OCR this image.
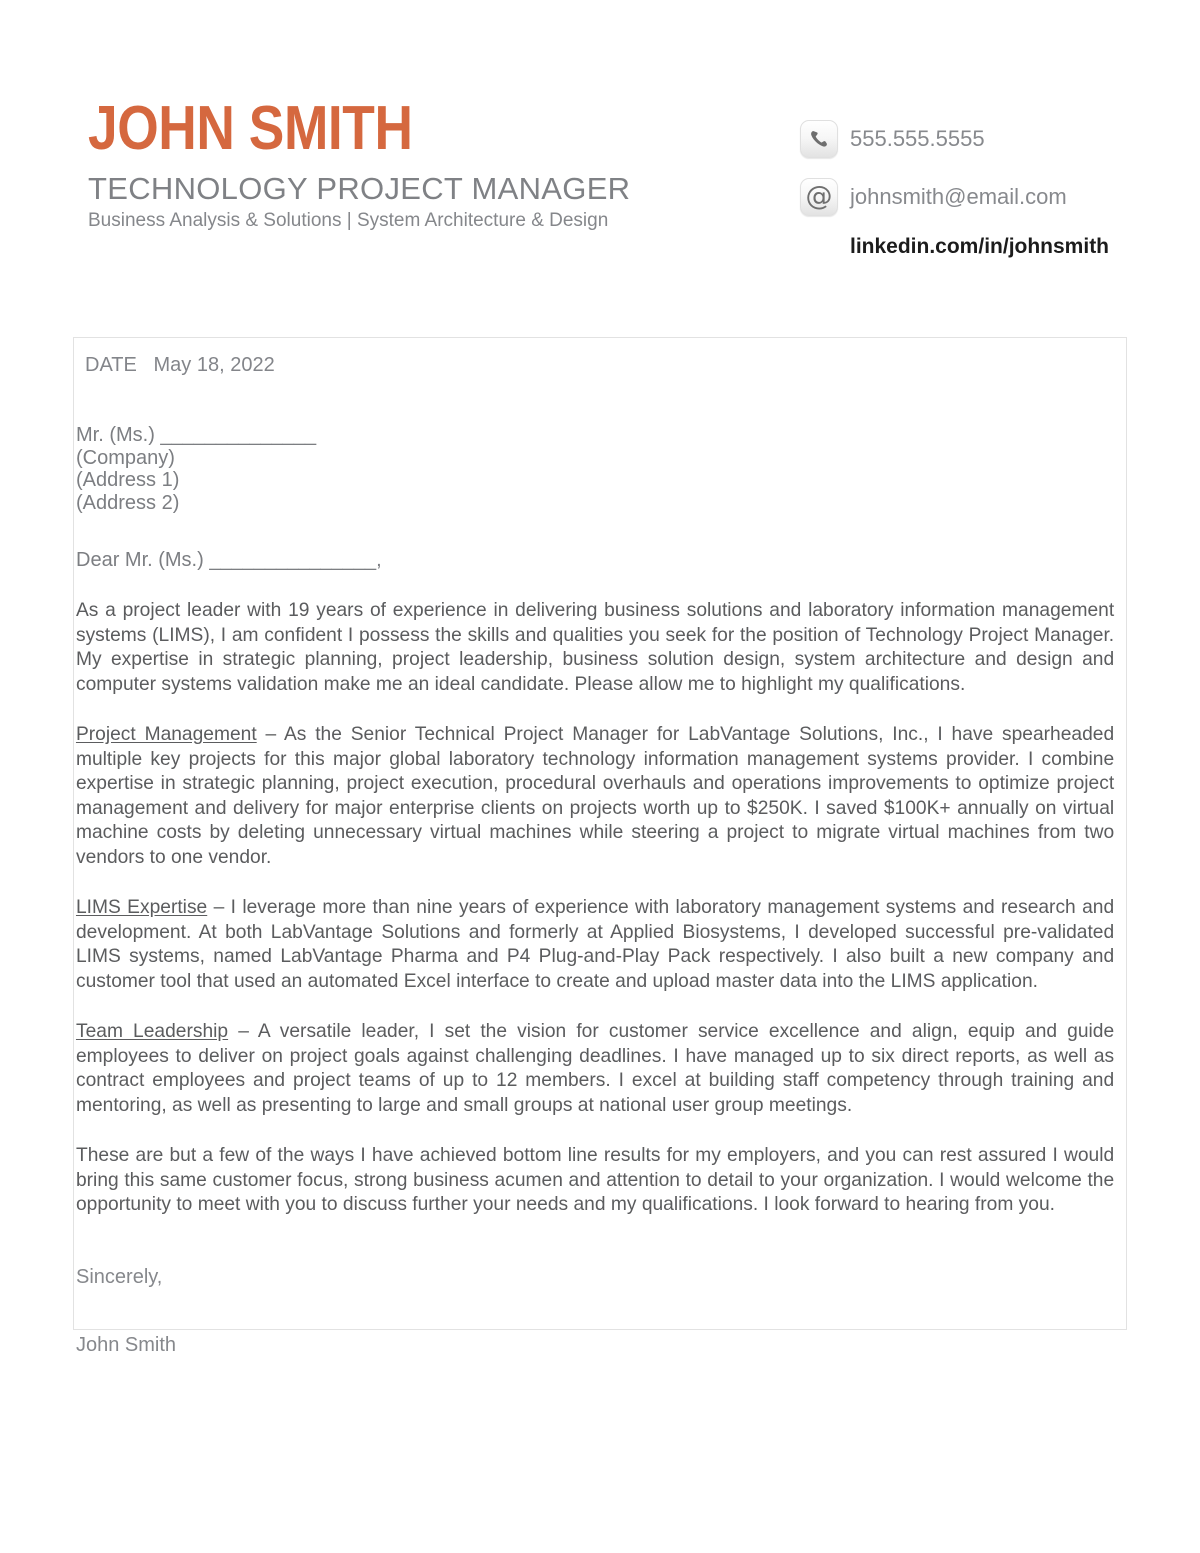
JOHN SMITH
TECHNOLOGY PROJECT MANAGER
Business Analysis & Solutions | System Architecture & Design
555.555.5555
@ johnsmith@email.com
linkedin.com/in/johnsmith
DATE   May 18, 2022
Mr. (Ms.) ______________
(Company)
(Address 1)
(Address 2)
Dear Mr. (Ms.) _______________,
As a project leader with 19 years of experience in delivering business solutions and laboratory information management systems (LIMS), I am confident I possess the skills and qualities you seek for the position of Technology Project Manager. My expertise in strategic planning, project leadership, business solution design, system architecture and design and computer systems validation make me an ideal candidate. Please allow me to highlight my qualifications.
Project Management – As the Senior Technical Project Manager for LabVantage Solutions, Inc., I have spearheaded multiple key projects for this major global laboratory technology information management systems provider. I combine expertise in strategic planning, project execution, procedural overhauls and operations improvements to optimize project management and delivery for major enterprise clients on projects worth up to $250K. I saved $100K+ annually on virtual machine costs by deleting unnecessary virtual machines while steering a project to migrate virtual machines from two vendors to one vendor.
LIMS Expertise – I leverage more than nine years of experience with laboratory management systems and research and development. At both LabVantage Solutions and formerly at Applied Biosystems, I developed successful pre-validated LIMS systems, named LabVantage Pharma and P4 Plug-and-Play Pack respectively. I also built a new company and customer tool that used an automated Excel interface to create and upload master data into the LIMS application.
Team Leadership – A versatile leader, I set the vision for customer service excellence and align, equip and guide employees to deliver on project goals against challenging deadlines. I have managed up to six direct reports, as well as contract employees and project teams of up to 12 members. I excel at building staff competency through training and mentoring, as well as presenting to large and small groups at national user group meetings.
These are but a few of the ways I have achieved bottom line results for my employers, and you can rest assured I would bring this same customer focus, strong business acumen and attention to detail to your organization. I would welcome the opportunity to meet with you to discuss further your needs and my qualifications. I look forward to hearing from you.
Sincerely,
John Smith
